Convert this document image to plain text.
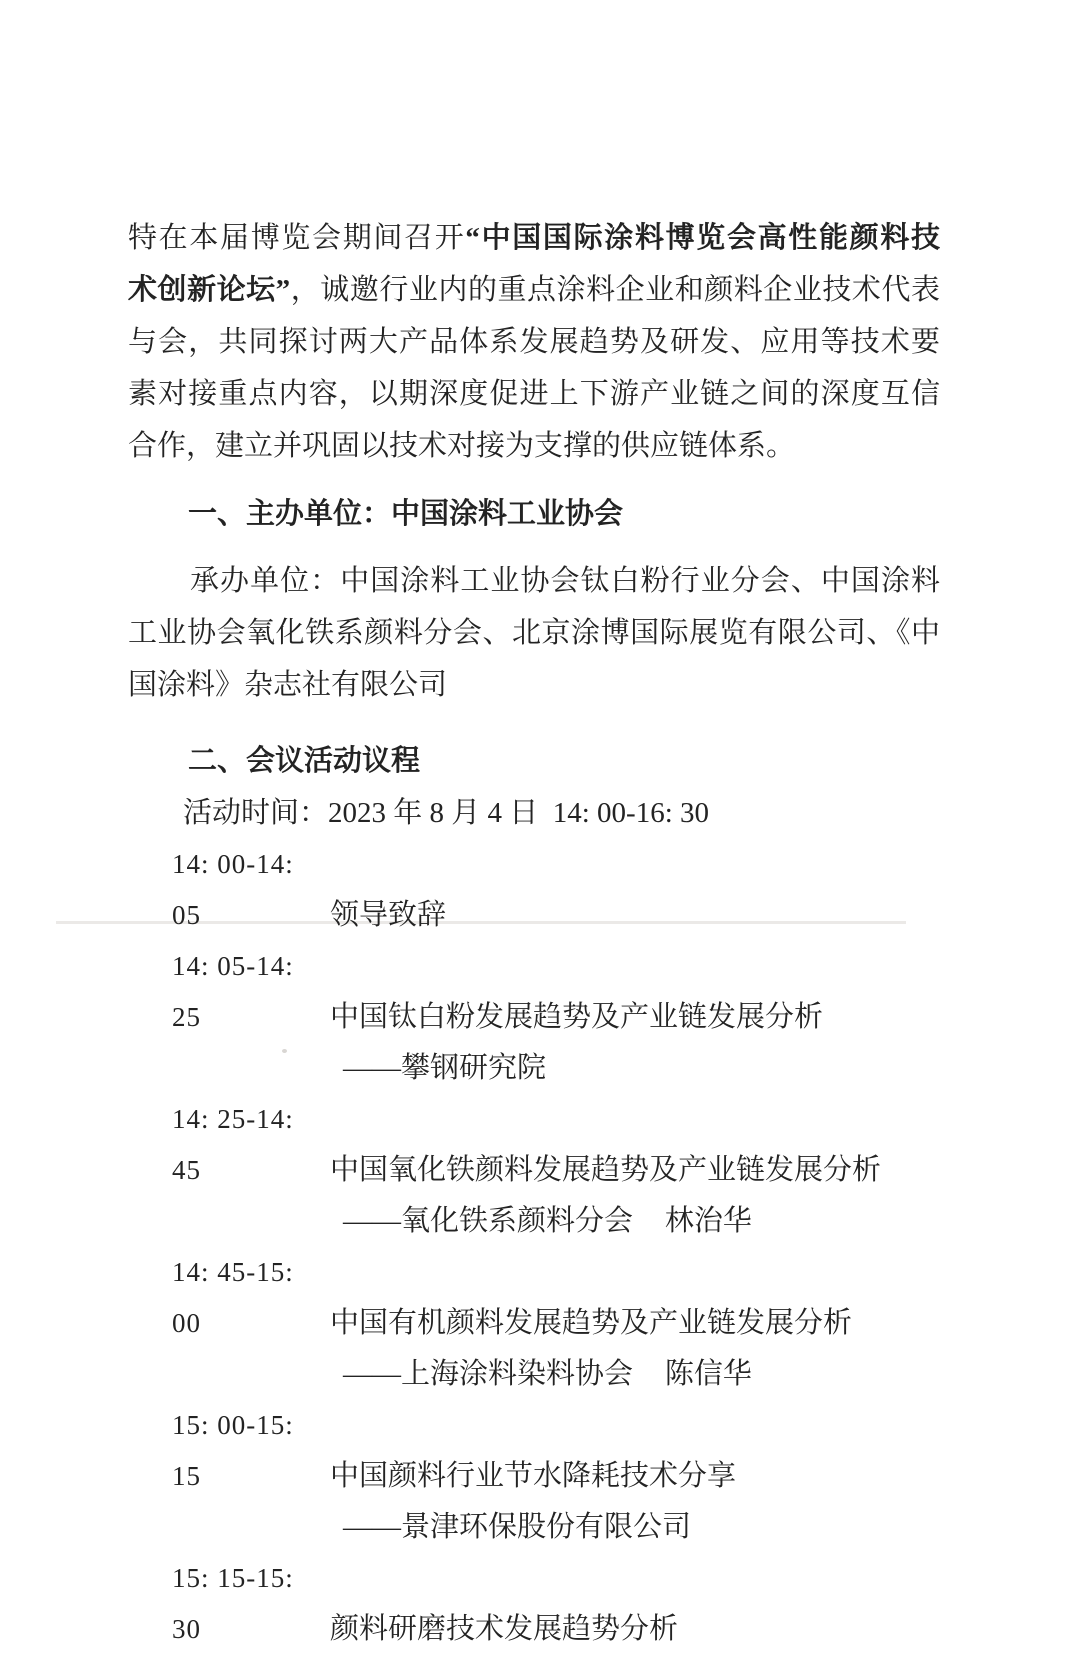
特在本届博览会期间召开“中国国际涂料博览会高性能颜料技
术创新论坛”，诚邀行业内的重点涂料企业和颜料企业技术代表
与会，共同探讨两大产品体系发展趋势及研发、应用等技术要
素对接重点内容，以期深度促进上下游产业链之间的深度互信
合作，建立并巩固以技术对接为支撑的供应链体系。
一、主办单位：中国涂料工业协会
承办单位：中国涂料工业协会钛白粉行业分会、中国涂料
工业协会氧化铁系颜料分会、北京涂博国际展览有限公司、《中
国涂料》杂志社有限公司
二、会议活动议程
活动时间：2023 年 8 月 4 日  14: 00-16: 30
14: 00-14: 05	领导致辞
14: 05-14: 25	中国钛白粉发展趋势及产业链发展分析
——攀钢研究院
14: 25-14: 45	中国氧化铁颜料发展趋势及产业链发展分析
——氧化铁系颜料分会 林治华
14: 45-15: 00	中国有机颜料发展趋势及产业链发展分析
——上海涂料染料协会 陈信华
15: 00-15: 15	中国颜料行业节水降耗技术分享
——景津环保股份有限公司
15: 15-15: 30	颜料研磨技术发展趋势分析
